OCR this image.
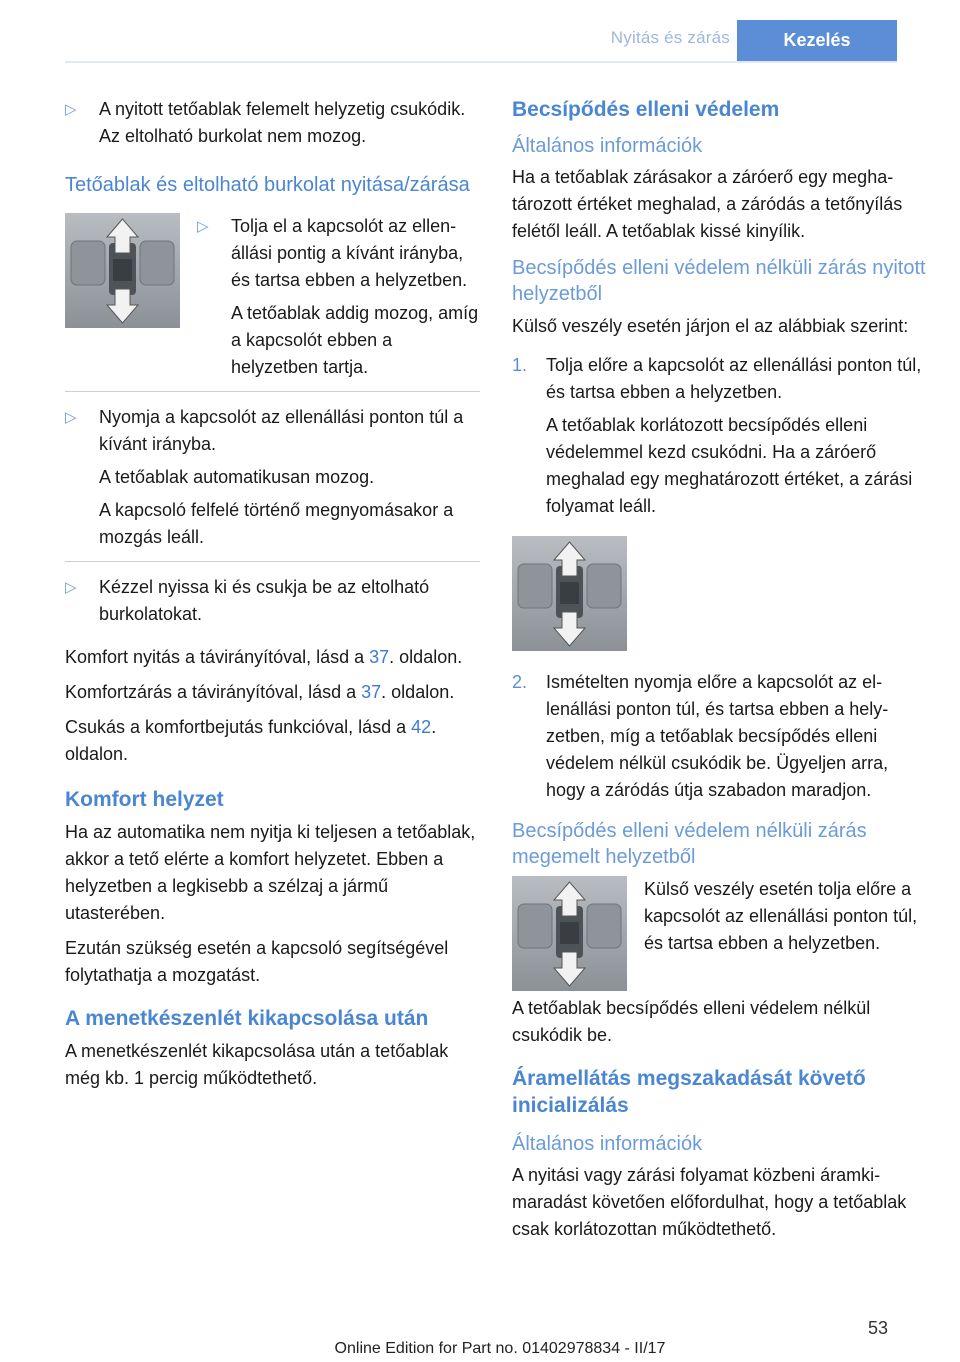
Nyitás és zárás	Kezelés
▷ A nyitott tetőablak felemelt helyzetig csukódik. Az eltolható burkolat nem mozog.
Tetőablak és eltolható burkolat nyitása/zárása
▷ Tolja el a kapcsolót az ellenállási pontig a kívánt irányba, és tartsa ebben a helyzetben.
A tetőablak addig mozog, amíg a kapcsolót ebben a helyzetben tartja.
▷ Nyomja a kapcsolót az ellenállási ponton túl a kívánt irányba.
A tetőablak automatikusan mozog.
A kapcsoló felfelé történő megnyomásakor a mozgás leáll.
▷ Kézzel nyissa ki és csukja be az eltolható burkolatokat.

Komfort nyitás a távirányítóval, lásd a 37. oldalon.

Komfortzárás a távirányítóval, lásd a 37. oldalon.

Csukás a komfortbejutás funkcióval, lásd a 42. oldalon.

Komfort helyzet

Ha az automatika nem nyitja ki teljesen a tetőablak, akkor a tető elérte a komfort helyzetet. Ebben a helyzetben a legkisebb a szélzaj a jármű utasterében.

Ezután szükség esetén a kapcsoló segítségével folytathatja a mozgatást.

A menetkészenlét kikapcsolása után

A menetkészenlét kikapcsolása után a tetőablak még kb. 1 percig működtethető.

Becsípődés elleni védelem
Általános információk

Ha a tetőablak zárásakor a záróerő egy meghatározott értéket meghalad, a záródás a tetőnyílás felétől leáll. A tetőablak kissé kinyílik.

Becsípődés elleni védelem nélküli zárás nyitott helyzetből

Külső veszély esetén járjon el az alábbiak szerint:

1. Tolja előre a kapcsolót az ellenállási ponton túl, és tartsa ebben a helyzetben.
A tetőablak korlátozott becsípődés elleni védelemmel kezd csukódni. Ha a záróerő meghalad egy meghatározott értéket, a zárási folyamat leáll.
2. Ismételten nyomja előre a kapcsolót az ellenállási ponton túl, és tartsa ebben a helyzetben, míg a tetőablak becsípődés elleni védelem nélkül csukódik be. Ügyeljen arra, hogy a záródás útja szabadon maradjon.
Becsípődés elleni védelem nélküli zárás megemelt helyzetből
Külső veszély esetén tolja előre a kapcsolót az ellenállási ponton túl, és tartsa ebben a helyzetben.

A tetőablak becsípődés elleni védelem nélkül csukódik be.

Áramellátás megszakadását követő inicializálás
Általános információk

A nyitási vagy zárási folyamat közbeni áramkimaradást követően előfordulhat, hogy a tetőablak csak korlátozottan működtethető.

53
Online Edition for Part no. 01402978834 - II/17
